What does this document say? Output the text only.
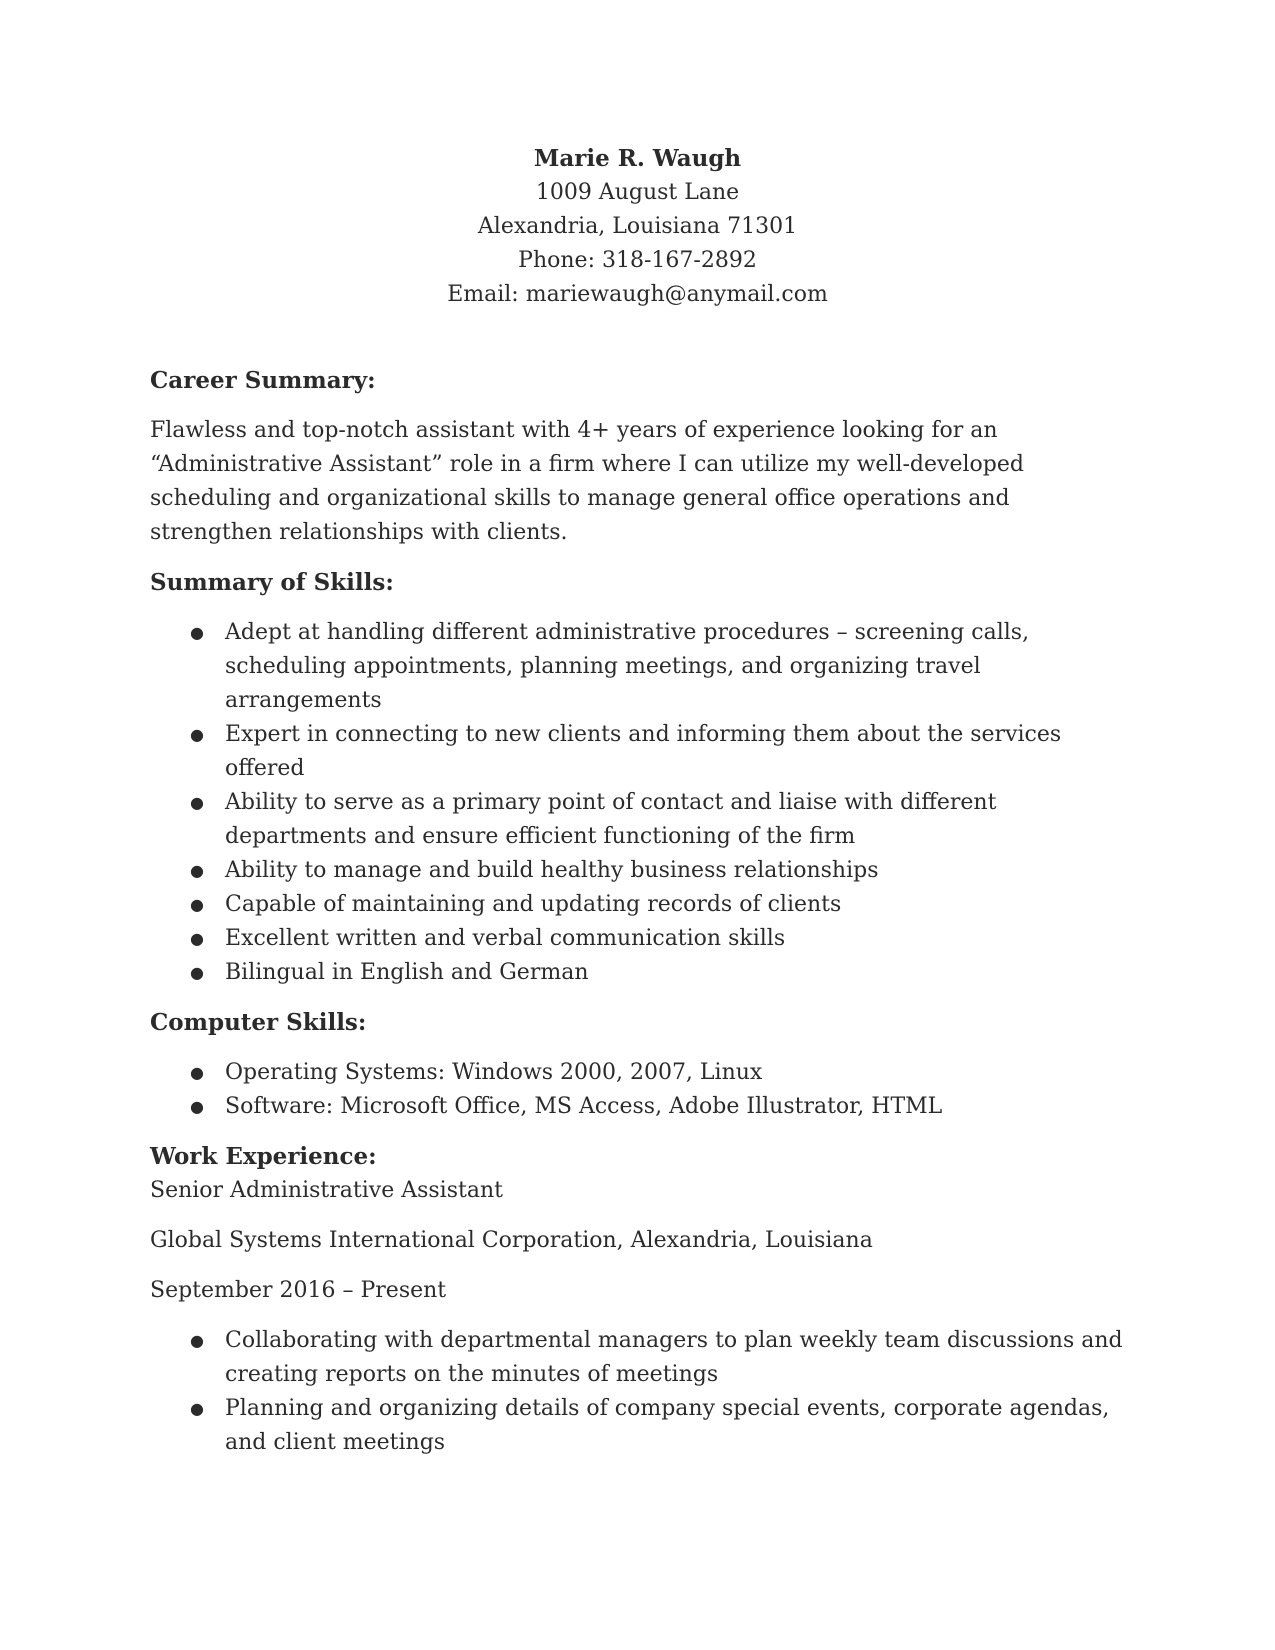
Marie R. Waugh
1009 August Lane
Alexandria, Louisiana 71301
Phone: 318-167-2892
Email: mariewaugh@anymail.com
Career Summary:

Flawless and top-notch assistant with 4+ years of experience looking for an “Administrative Assistant” role in a firm where I can utilize my well-developed scheduling and organizational skills to manage general office operations and strengthen relationships with clients.

Summary of Skills:
● Adept at handling different administrative procedures – screening calls, scheduling appointments, planning meetings, and organizing travel arrangements
● Expert in connecting to new clients and informing them about the services offered
● Ability to serve as a primary point of contact and liaise with different departments and ensure efficient functioning of the firm
● Ability to manage and build healthy business relationships
● Capable of maintaining and updating records of clients
● Excellent written and verbal communication skills
● Bilingual in English and German
Computer Skills:
● Operating Systems: Windows 2000, 2007, Linux
● Software: Microsoft Office, MS Access, Adobe Illustrator, HTML
Work Experience:
Senior Administrative Assistant
Global Systems International Corporation, Alexandria, Louisiana
September 2016 – Present
● Collaborating with departmental managers to plan weekly team discussions and creating reports on the minutes of meetings
● Planning and organizing details of company special events, corporate agendas, and client meetings
